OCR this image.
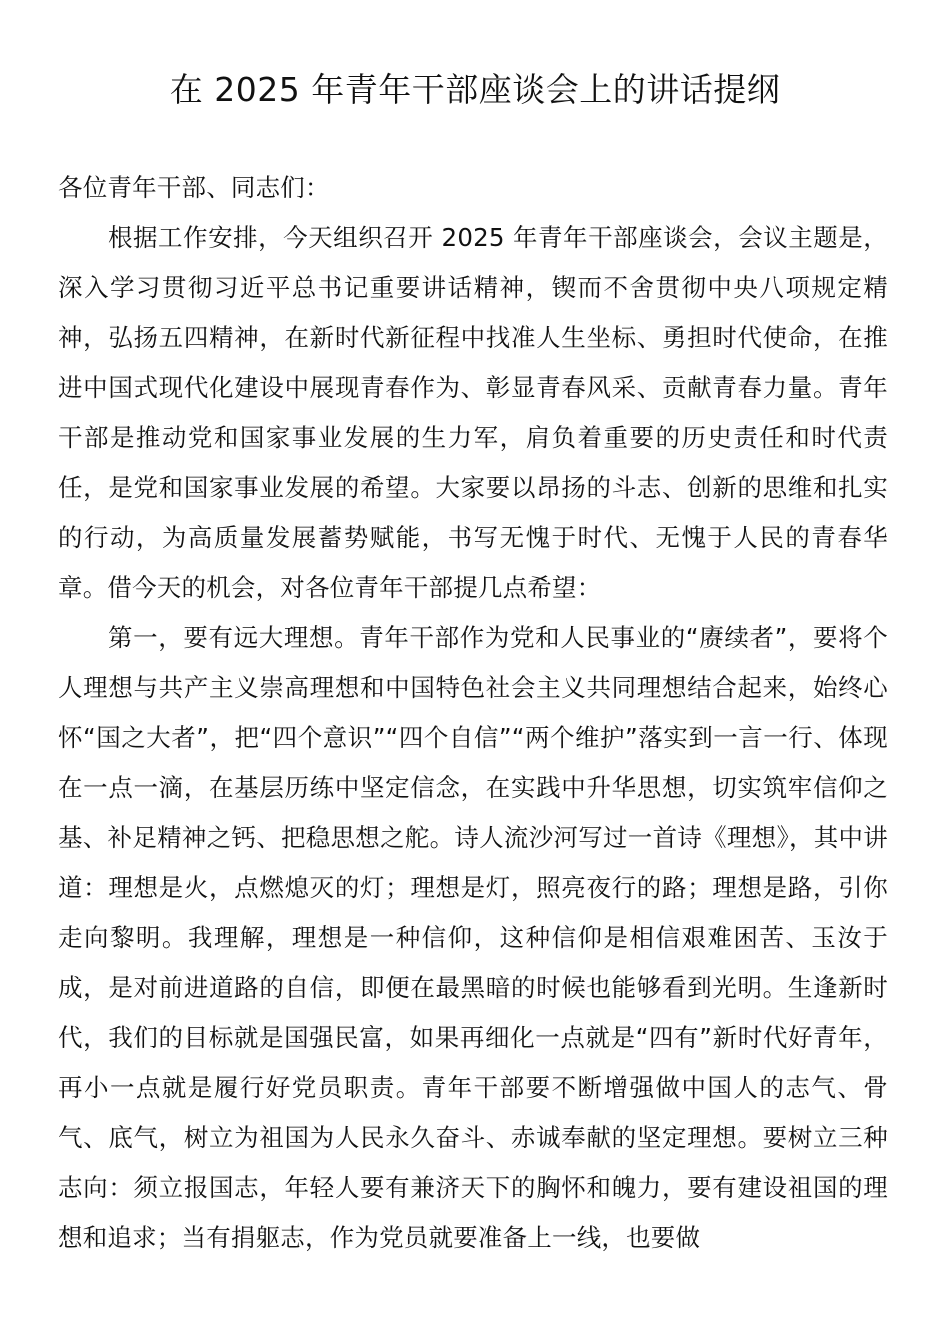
在 2025 年青年干部座谈会上的讲话提纲

各位青年干部、同志们：

根据工作安排，今天组织召开 2025 年青年干部座谈会，会议主题是，深入学习贯彻习近平总书记重要讲话精神，锲而不舍贯彻中央八项规定精神，弘扬五四精神，在新时代新征程中找准人生坐标、勇担时代使命，在推进中国式现代化建设中展现青春作为、彰显青春风采、贡献青春力量。青年干部是推动党和国家事业发展的生力军，肩负着重要的历史责任和时代责任，是党和国家事业发展的希望。大家要以昂扬的斗志、创新的思维和扎实的行动，为高质量发展蓄势赋能，书写无愧于时代、无愧于人民的青春华章。借今天的机会，对各位青年干部提几点希望：

第一，要有远大理想。青年干部作为党和人民事业的“赓续者”，要将个人理想与共产主义崇高理想和中国特色社会主义共同理想结合起来，始终心怀“国之大者”，把“四个意识”“四个自信”“两个维护”落实到一言一行、体现在一点一滴，在基层历练中坚定信念，在实践中升华思想，切实筑牢信仰之基、补足精神之钙、把稳思想之舵。诗人流沙河写过一首诗《理想》，其中讲道：理想是火，点燃熄灭的灯；理想是灯，照亮夜行的路；理想是路，引你走向黎明。我理解，理想是一种信仰，这种信仰是相信艰难困苦、玉汝于成，是对前进道路的自信，即便在最黑暗的时候也能够看到光明。生逢新时代，我们的目标就是国强民富，如果再细化一点就是“四有”新时代好青年，再小一点就是履行好党员职责。青年干部要不断增强做中国人的志气、骨气、底气，树立为祖国为人民永久奋斗、赤诚奉献的坚定理想。要树立三种志向：须立报国志，年轻人要有兼济天下的胸怀和魄力，要有建设祖国的理想和追求；当有捐躯志，作为党员就要准备上一线，也要做
